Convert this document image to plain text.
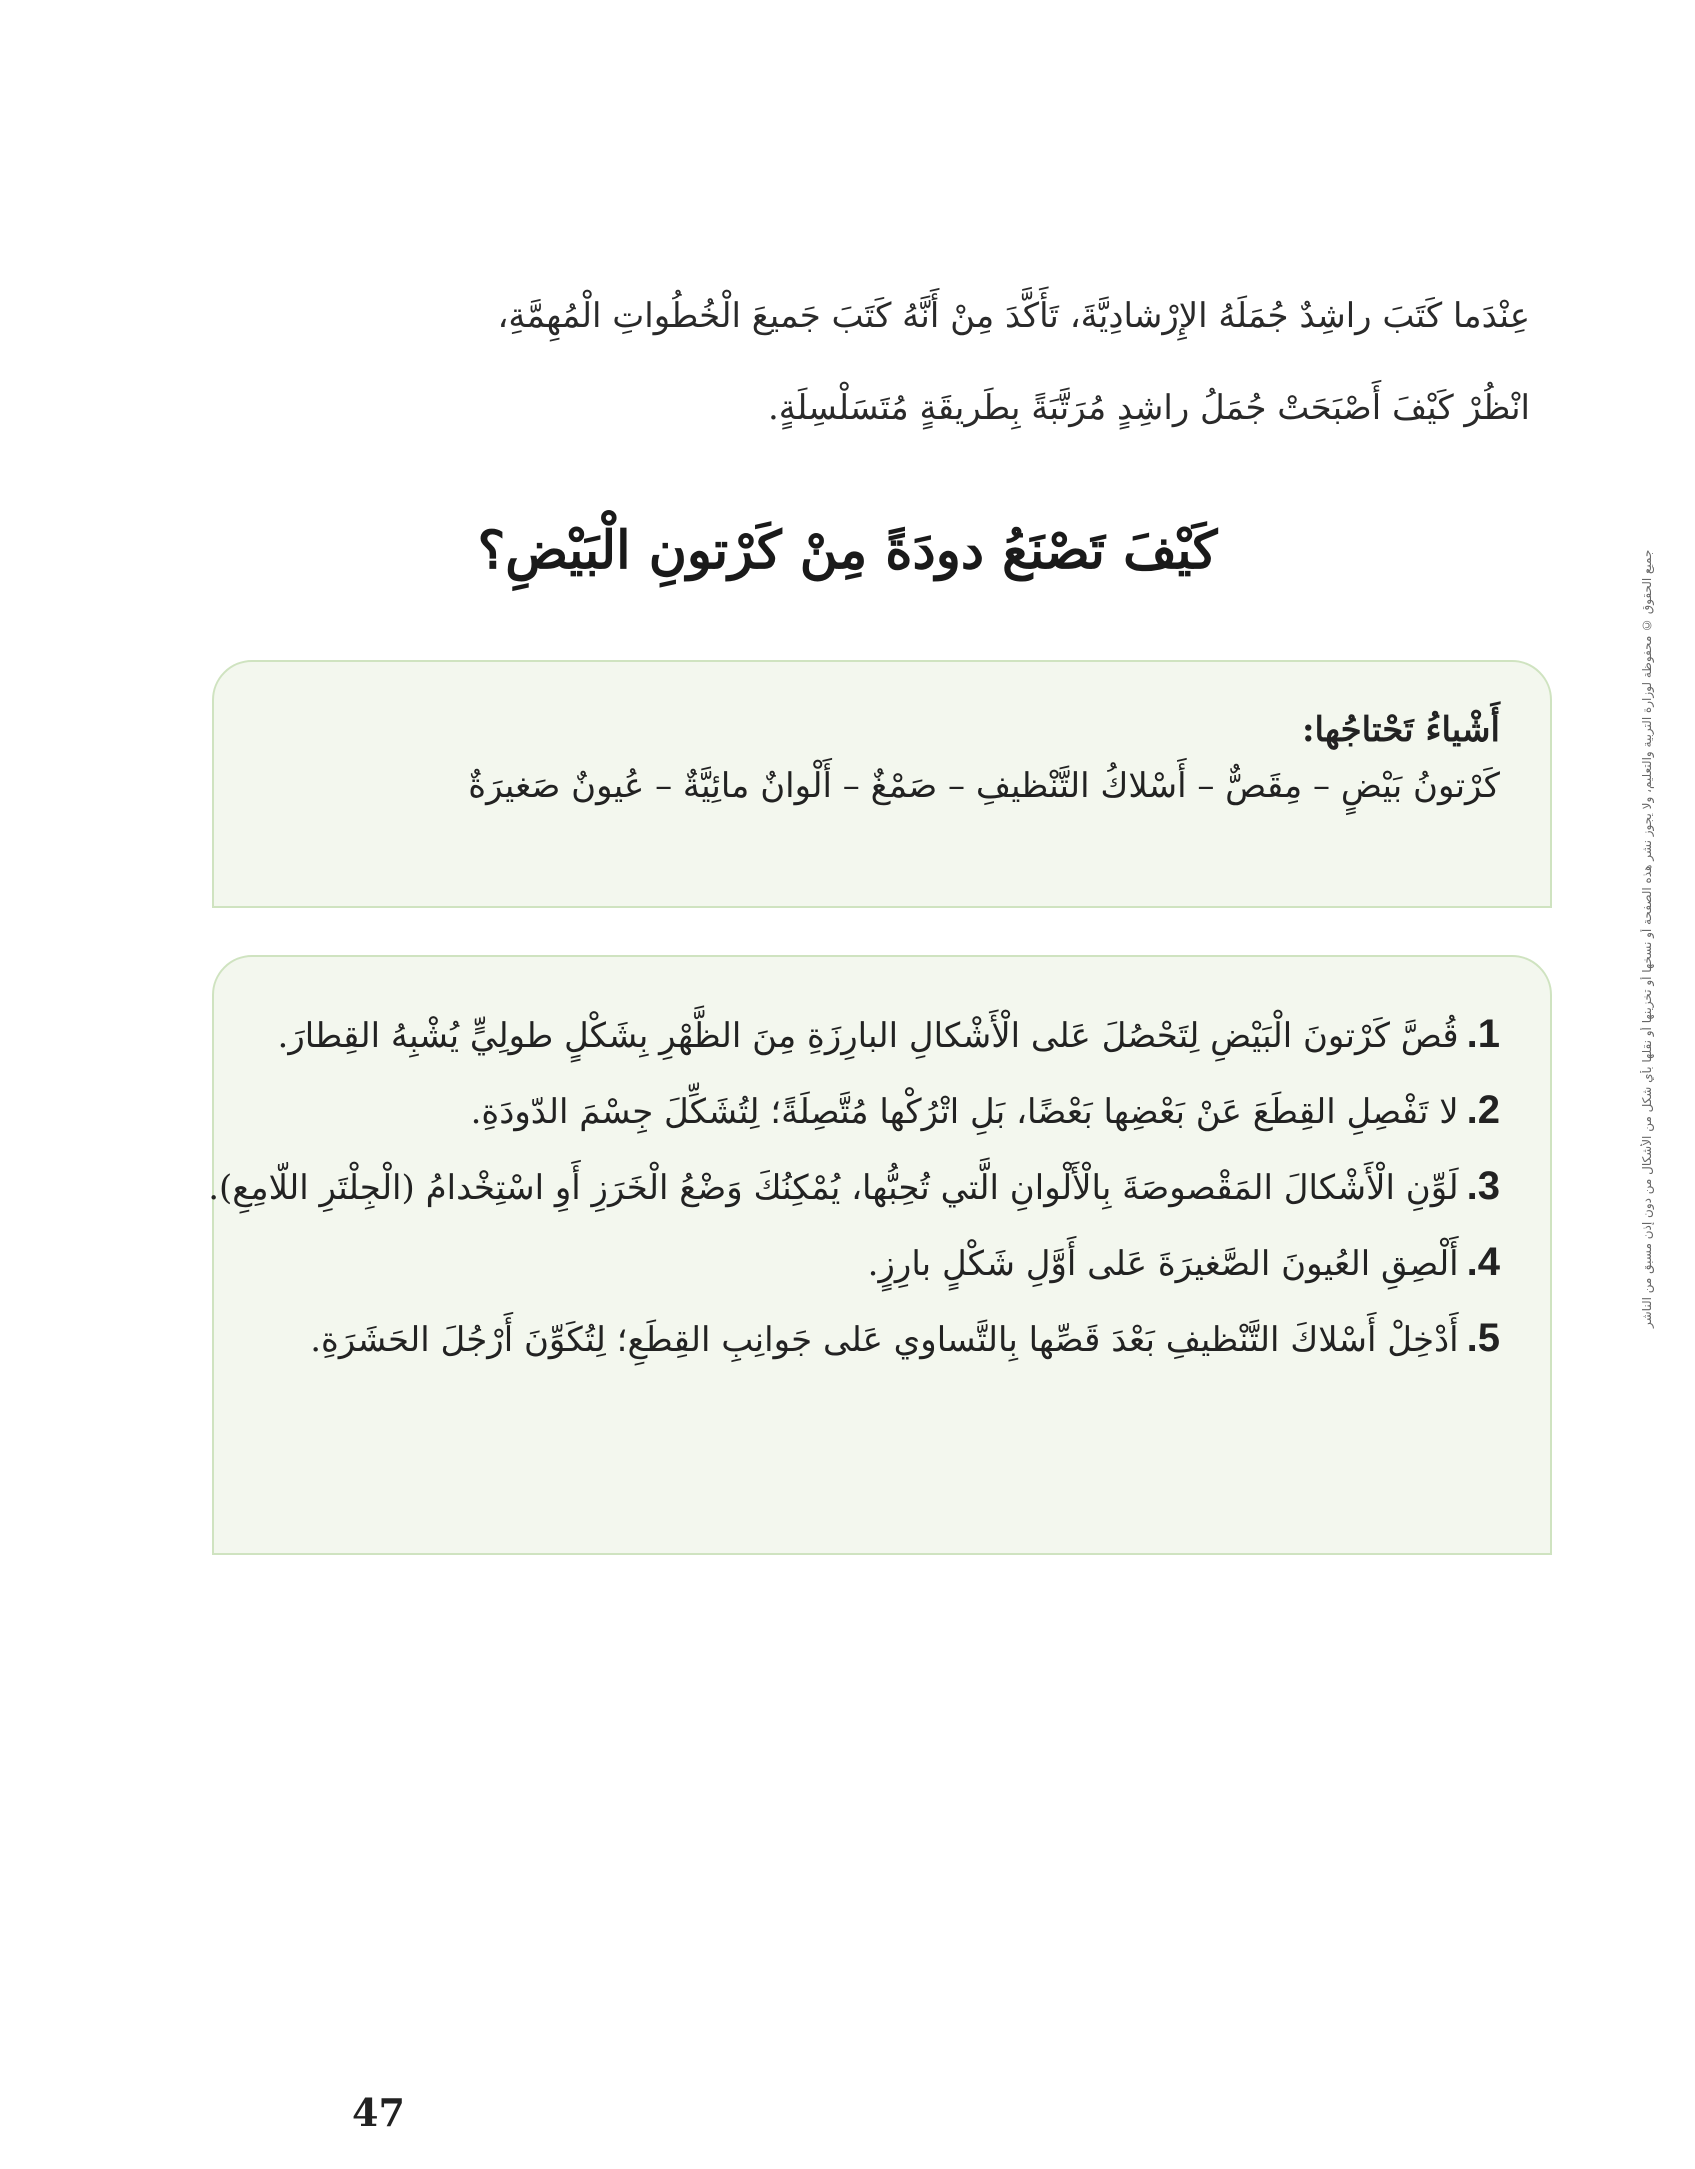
عِنْدَما كَتَبَ راشِدٌ جُمَلَهُ الإِرْشادِيَّةَ، تَأَكَّدَ مِنْ أَنَّهُ كَتَبَ جَميعَ الْخُطُواتِ الْمُهِمَّةِ،

انْظُرْ كَيْفَ أَصْبَحَتْ جُمَلُ راشِدٍ مُرَتَّبَةً بِطَريقَةٍ مُتَسَلْسِلَةٍ.

كَيْفَ تَصْنَعُ دودَةً مِنْ كَرْتونِ الْبَيْضِ؟

أَشْياءُ تَحْتاجُها:

كَرْتونُ بَيْضٍ – مِقَصٌّ – أَسْلاكُ التَّنْظيفِ – صَمْغٌ – أَلْوانٌ مائِيَّةٌ – عُيونٌ صَغيرَةٌ

1.قُصَّ كَرْتونَ الْبَيْضِ لِتَحْصُلَ عَلى الْأَشْكالِ البارِزَةِ مِنَ الظَّهْرِ بِشَكْلٍ طولِيٍّ يُشْبِهُ القِطارَ.
2.لا تَفْصِلِ القِطَعَ عَنْ بَعْضِها بَعْضًا، بَلِ اتْرُكْها مُتَّصِلَةً؛ لِتُشَكِّلَ جِسْمَ الدّودَةِ.
3.لَوِّنِ الْأَشْكالَ المَقْصوصَةَ بِالْأَلْوانِ الَّتي تُحِبُّها، يُمْكِنُكَ وَضْعُ الْخَرَزِ أَوِ اسْتِخْدامُ (الْجِلْتَرِ اللّامِعِ).
4.أَلْصِقِ العُيونَ الصَّغيرَةَ عَلى أَوَّلِ شَكْلٍ بارِزٍ.
5.أَدْخِلْ أَسْلاكَ التَّنْظيفِ بَعْدَ قَصِّها بِالتَّساوي عَلى جَوانِبِ القِطَعِ؛ لِتُكَوِّنَ أَرْجُلَ الحَشَرَةِ.
جميع الحقوق © محفوظة لوزارة التربية والتعليم، ولا يجوز نشر هذه الصفحة أو نسخها أو تخزينها أو نقلها بأي شكل من الأشكال من دون إذن مسبق من الناشر
47
